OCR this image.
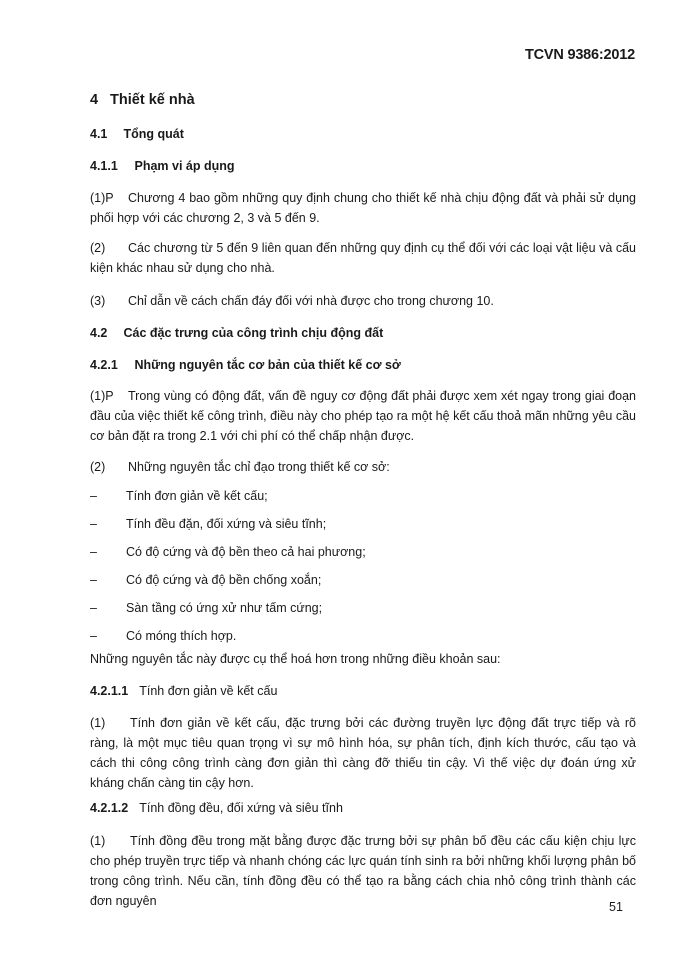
TCVN 9386:2012
4 Thiết kế nhà
4.1 Tổng quát
4.1.1 Phạm vi áp dụng
(1)P Chương 4 bao gồm những quy định chung cho thiết kế nhà chịu động đất và phải sử dụng phối hợp với các chương 2, 3 và 5 đến 9.
(2) Các chương từ 5 đến 9 liên quan đến những quy định cụ thể đối với các loại vật liệu và cấu kiện khác nhau sử dụng cho nhà.
(3) Chỉ dẫn về cách chấn đáy đối với nhà được cho trong chương 10.
4.2 Các đặc trưng của công trình chịu động đất
4.2.1 Những nguyên tắc cơ bản của thiết kế cơ sở
(1)P Trong vùng có động đất, vấn đề nguy cơ động đất phải được xem xét ngay trong giai đoạn đầu của việc thiết kế công trình, điều này cho phép tạo ra một hệ kết cấu thoả mãn những yêu cầu cơ bản đặt ra trong 2.1 với chi phí có thể chấp nhận được.
(2) Những nguyên tắc chỉ đạo trong thiết kế cơ sở:
– Tính đơn giản về kết cấu;
– Tính đều đặn, đối xứng và siêu tĩnh;
– Có độ cứng và độ bền theo cả hai phương;
– Có độ cứng và độ bền chống xoắn;
– Sàn tầng có ứng xử như tấm cứng;
– Có móng thích hợp.
Những nguyên tắc này được cụ thể hoá hơn trong những điều khoản sau:
4.2.1.1 Tính đơn giản về kết cấu
(1) Tính đơn giản về kết cấu, đặc trưng bởi các đường truyền lực động đất trực tiếp và rõ ràng, là một mục tiêu quan trọng vì sự mô hình hóa, sự phân tích, định kích thước, cấu tạo và cách thi công công trình càng đơn giản thì càng đỡ thiếu tin cậy. Vì thế việc dự đoán ứng xử kháng chấn càng tin cậy hơn.
4.2.1.2 Tính đồng đều, đối xứng và siêu tĩnh
(1) Tính đồng đều trong mặt bằng được đặc trưng bởi sự phân bố đều các cấu kiện chịu lực cho phép truyền trực tiếp và nhanh chóng các lực quán tính sinh ra bởi những khối lượng phân bố trong công trình. Nếu cần, tính đồng đều có thể tạo ra bằng cách chia nhỏ công trình thành các đơn nguyên	51
